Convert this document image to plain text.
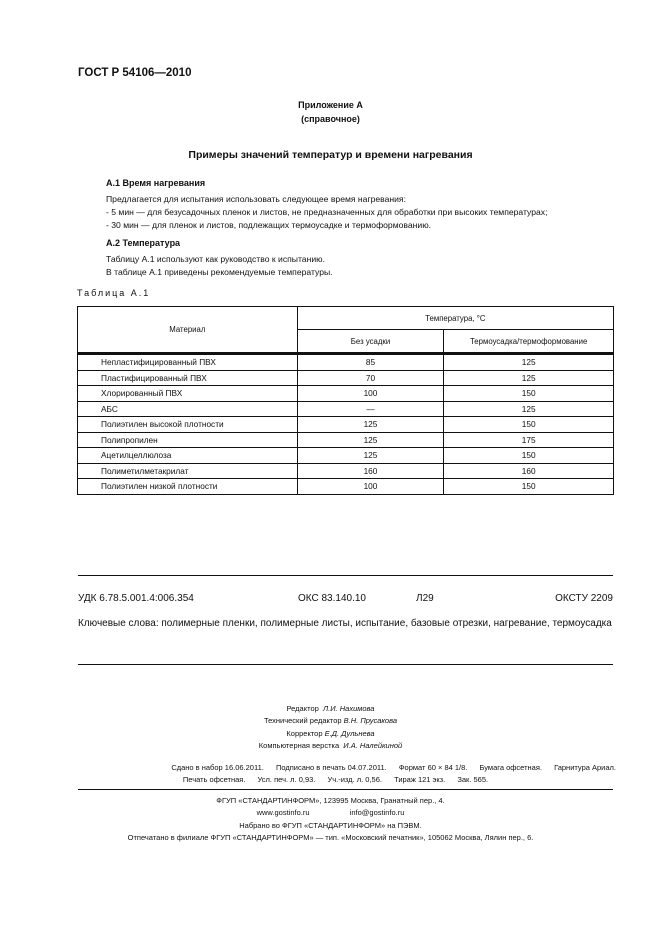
ГОСТ Р 54106—2010
Приложение А
(справочное)
Примеры значений температур и времени нагревания
А.1 Время нагревания
Предлагается для испытания использовать следующее время нагревания:
- 5 мин — для безусадочных пленок и листов, не предназначенных для обработки при высоких температурах;
- 30 мин — для пленок и листов, подлежащих термоусадке и термоформованию.
А.2 Температура
Таблицу А.1 используют как руководство к испытанию.
В таблице А.1 приведены рекомендуемые температуры.
Таблица А.1
Материал	Температура, °С	
	Без усадки	Термоусадка/термоформование
Непластифицированный ПВХ	85	125
Пластифицированный ПВХ	70	125
Хлорированный ПВХ	100	150
АБС	—	125
Полиэтилен высокой плотности	125	150
Полипропилен	125	175
Ацетилцеллюлоза	125	150
Полиметилметакрилат	160	160
Полиэтилен низкой плотности	100	150
УДК 6.78.5.001.4:006.354	ОКС 83.140.10	Л29	ОКСТУ 2209
Ключевые слова: полимерные пленки, полимерные листы, испытание, базовые отрезки, нагревание, термоусадка
Редактор Л.И. Нахимова
Технический редактор В.Н. Прусакова
Корректор Е.Д. Дульнева
Компьютерная верстка И.А. Налейкиной
Сдано в набор 16.06.2011. Подписано в печать 04.07.2011. Формат 60 × 84 1/8. Бумага офсетная. Гарнитура Ариал.
Печать офсетная. Усл. печ. л. 0,93. Уч.-изд. л. 0,56. Тираж 121 экз. Зак. 565.
ФГУП «СТАНДАРТИНФОРМ», 123995 Москва, Гранатный пер., 4.
www.gostinfo.ru	info@gostinfo.ru
Набрано во ФГУП «СТАНДАРТИНФОРМ» на ПЭВМ.
Отпечатано в филиале ФГУП «СТАНДАРТИНФОРМ» — тип. «Московский печатник», 105062 Москва, Лялин пер., 6.
